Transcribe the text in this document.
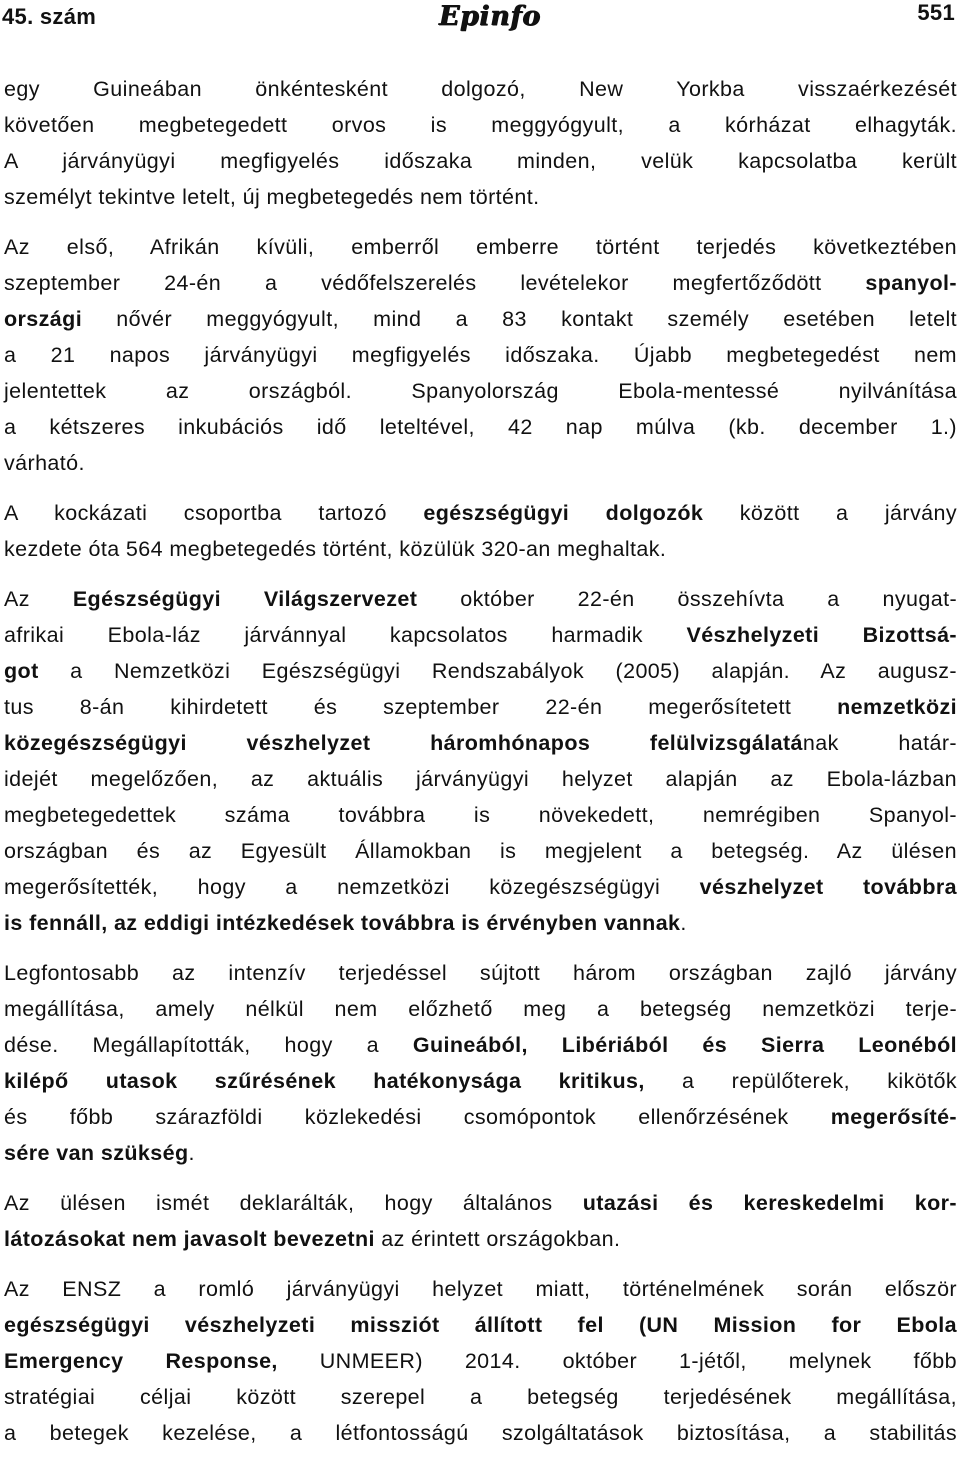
45. szám	Epinfo	551
egy Guineában önkéntesként dolgozó, New Yorkba visszaérkezését
követően megbetegedett orvos is meggyógyult, a kórházat elhagyták.
A járványügyi megfigyelés időszaka minden, velük kapcsolatba került
személyt tekintve letelt, új megbetegedés nem történt.
Az első, Afrikán kívüli, emberről emberre történt terjedés következtében
szeptember 24-én a védőfelszerelés levételekor megfertőződött spanyol-
országi nővér meggyógyult, mind a 83 kontakt személy esetében letelt
a 21 napos járványügyi megfigyelés időszaka. Újabb megbetegedést nem
jelentettek az országból. Spanyolország Ebola-mentessé nyilvánítása
a kétszeres inkubációs idő leteltével, 42 nap múlva (kb. december 1.)
várható.
A kockázati csoportba tartozó egészségügyi dolgozók között a járvány
kezdete óta 564 megbetegedés történt, közülük 320-an meghaltak.
Az Egészségügyi Világszervezet október 22-én összehívta a nyugat-
afrikai Ebola-láz járvánnyal kapcsolatos harmadik Vészhelyzeti Bizottsá-
got a Nemzetközi Egészségügyi Rendszabályok (2005) alapján. Az augusz-
tus 8-án kihirdetett és szeptember 22-én megerősítetett nemzetközi
közegészségügyi vészhelyzet háromhónapos felülvizsgálatának határ-
idejét megelőzően, az aktuális járványügyi helyzet alapján az Ebola-lázban
megbetegedettek száma továbbra is növekedett, nemrégiben Spanyol-
országban és az Egyesült Államokban is megjelent a betegség. Az ülésen
megerősítették, hogy a nemzetközi közegészségügyi vészhelyzet továbbra
is fennáll, az eddigi intézkedések továbbra is érvényben vannak.
Legfontosabb az intenzív terjedéssel sújtott három országban zajló járvány
megállítása, amely nélkül nem előzhető meg a betegség nemzetközi terje-
dése. Megállapították, hogy a Guineából, Libériából és Sierra Leonéból
kilépő utasok szűrésének hatékonysága kritikus, a repülőterek, kikötők
és főbb szárazföldi közlekedési csomópontok ellenőrzésének megerősíté-
sére van szükség.
Az ülésen ismét deklarálták, hogy általános utazási és kereskedelmi kor-
látozásokat nem javasolt bevezetni az érintett országokban.
Az ENSZ a romló járványügyi helyzet miatt, történelmének során először
egészségügyi vészhelyzeti missziót állított fel (UN Mission for Ebola
Emergency Response, UNMEER) 2014. október 1-jétől, melynek főbb
stratégiai céljai között szerepel a betegség terjedésének megállítása,
a betegek kezelése, a létfontosságú szolgáltatások biztosítása, a stabilitás
